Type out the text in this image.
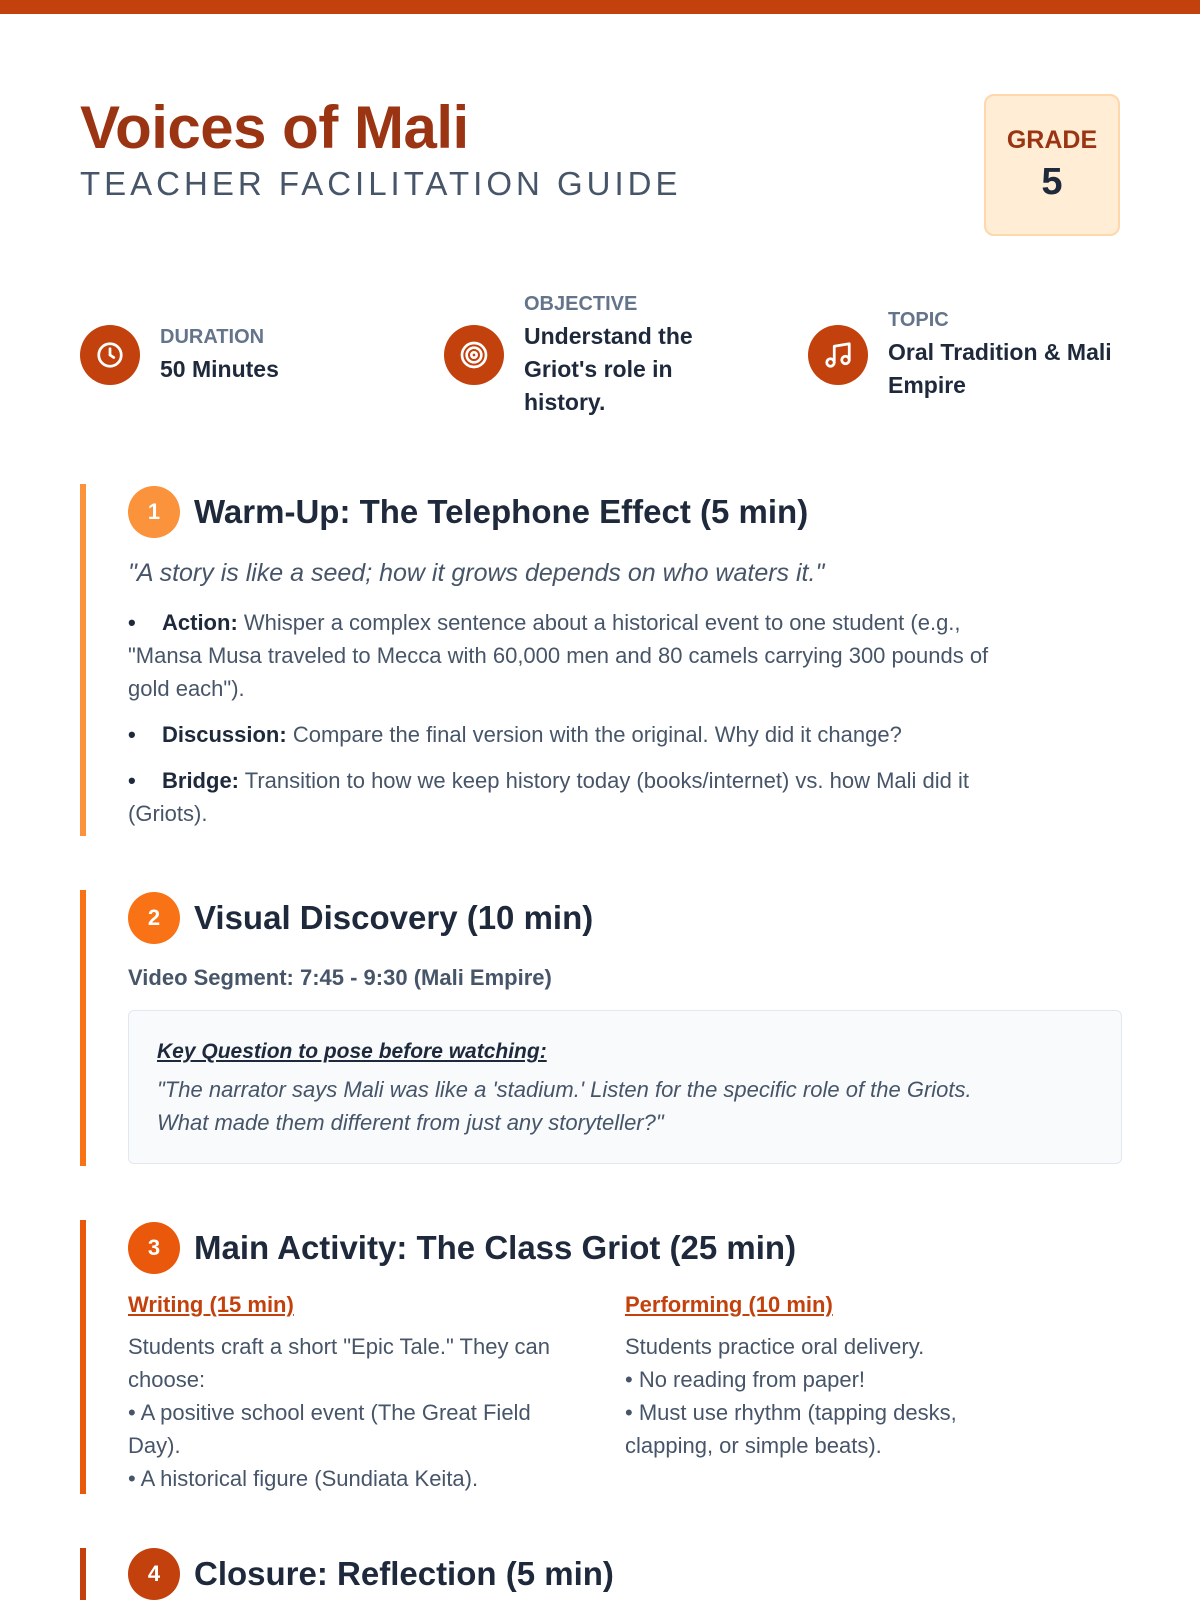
Voices of Mali
TEACHER FACILITATION GUIDE
GRADE
5
DURATION
50 Minutes
OBJECTIVE
Understand the
Griot's role in
history.
TOPIC
Oral Tradition & Mali
Empire
1	Warm-Up: The Telephone Effect (5 min)
"A story is like a seed; how it grows depends on who waters it."
• Action: Whisper a complex sentence about a historical event to one student (e.g.,
"Mansa Musa traveled to Mecca with 60,000 men and 80 camels carrying 300 pounds of
gold each").
• Discussion: Compare the final version with the original. Why did it change?
• Bridge: Transition to how we keep history today (books/internet) vs. how Mali did it
(Griots).
2	Visual Discovery (10 min)
Video Segment: 7:45 - 9:30 (Mali Empire)
Key Question to pose before watching:
"The narrator says Mali was like a 'stadium.' Listen for the specific role of the Griots.
What made them different from just any storyteller?"
3	Main Activity: The Class Griot (25 min)
Writing (15 min)
Students craft a short "Epic Tale." They can
choose:
• A positive school event (The Great Field
Day).
• A historical figure (Sundiata Keita).
Performing (10 min)
Students practice oral delivery.
• No reading from paper!
• Must use rhythm (tapping desks,
clapping, or simple beats).
4	Closure: Reflection (5 min)
